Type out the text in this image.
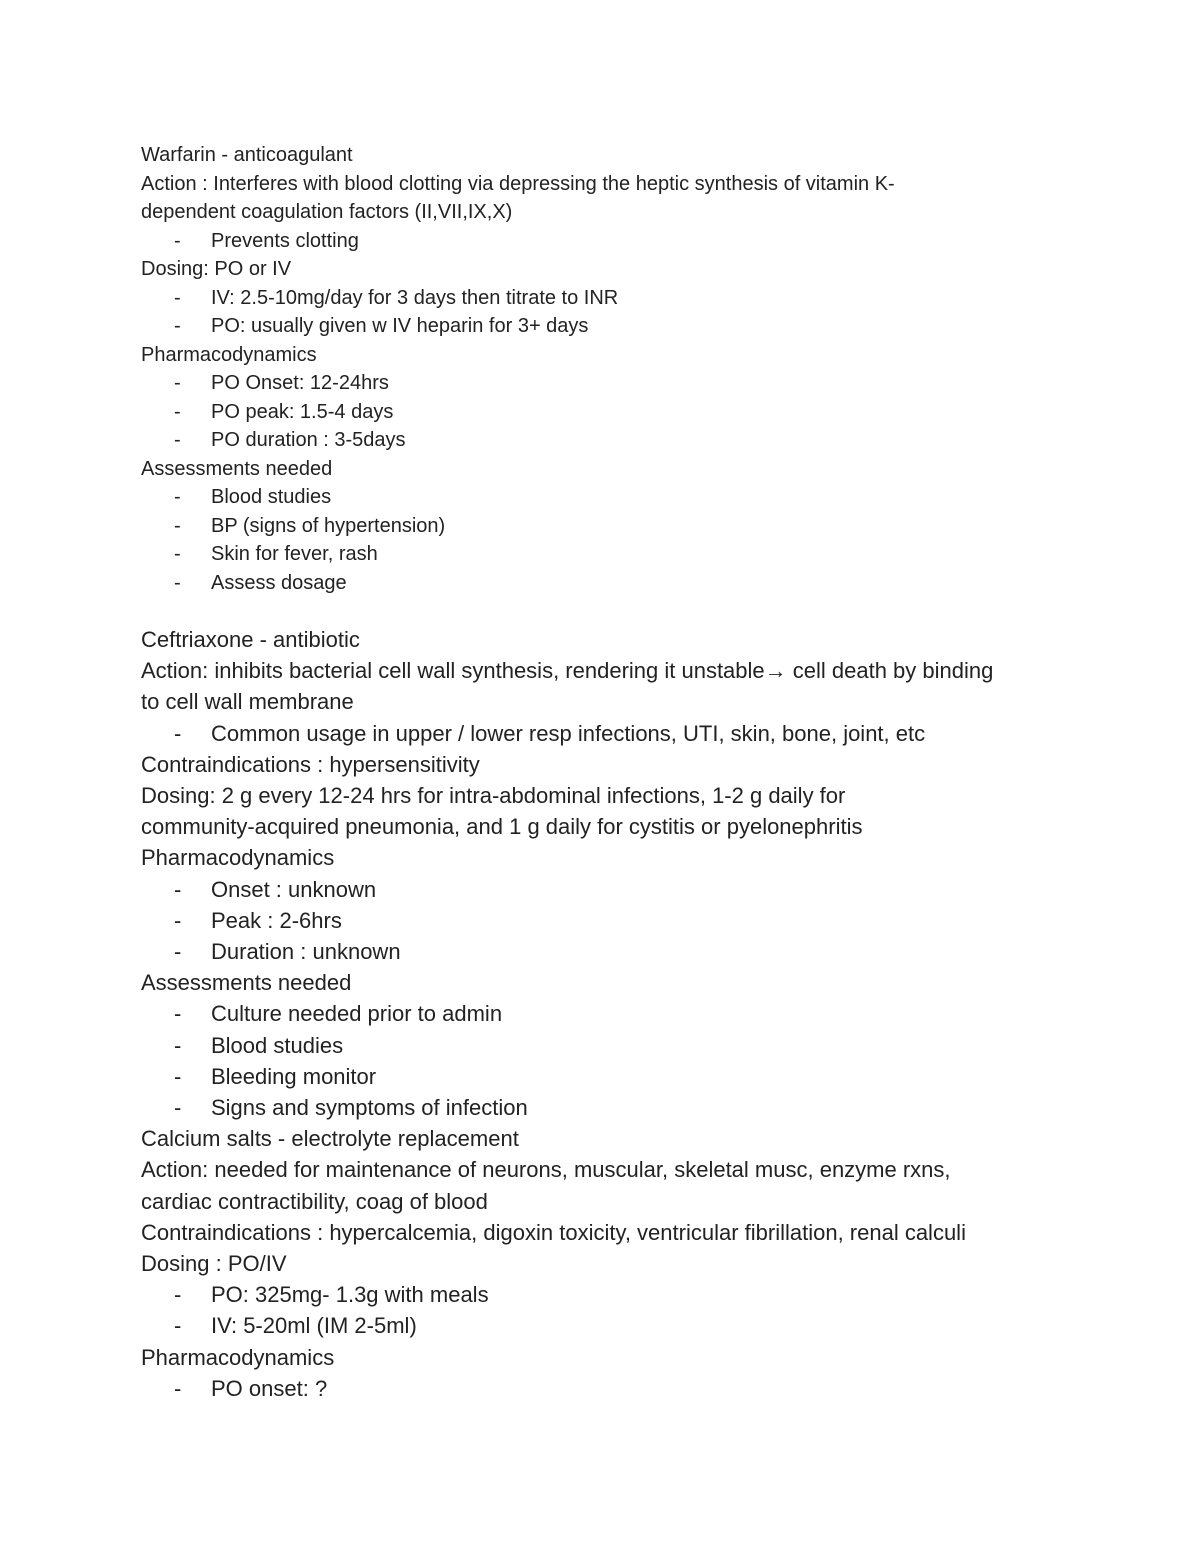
Warfarin - anticoagulant
Action : Interferes with blood clotting via depressing the heptic synthesis of vitamin K-
dependent coagulation factors (II,VII,IX,X)
- Prevents clotting
Dosing: PO or IV
- IV: 2.5-10mg/day for 3 days then titrate to INR
- PO: usually given w IV heparin for 3+ days
Pharmacodynamics
- PO Onset: 12-24hrs
- PO peak: 1.5-4 days
- PO duration : 3-5days
Assessments needed
- Blood studies
- BP (signs of hypertension)
- Skin for fever, rash
- Assess dosage
Ceftriaxone - antibiotic
Action: inhibits bacterial cell wall synthesis, rendering it unstable→ cell death by binding
to cell wall membrane
- Common usage in upper / lower resp infections, UTI, skin, bone, joint, etc
Contraindications : hypersensitivity
Dosing: 2 g every 12-24 hrs for intra-abdominal infections, 1-2 g daily for
community-acquired pneumonia, and 1 g daily for cystitis or pyelonephritis
Pharmacodynamics
- Onset : unknown
- Peak : 2-6hrs
- Duration : unknown
Assessments needed
- Culture needed prior to admin
- Blood studies
- Bleeding monitor
- Signs and symptoms of infection
Calcium salts - electrolyte replacement
Action: needed for maintenance of neurons, muscular, skeletal musc, enzyme rxns,
cardiac contractibility, coag of blood
Contraindications : hypercalcemia, digoxin toxicity, ventricular fibrillation, renal calculi
Dosing : PO/IV
- PO: 325mg- 1.3g with meals
- IV: 5-20ml (IM 2-5ml)
Pharmacodynamics
- PO onset: ?
